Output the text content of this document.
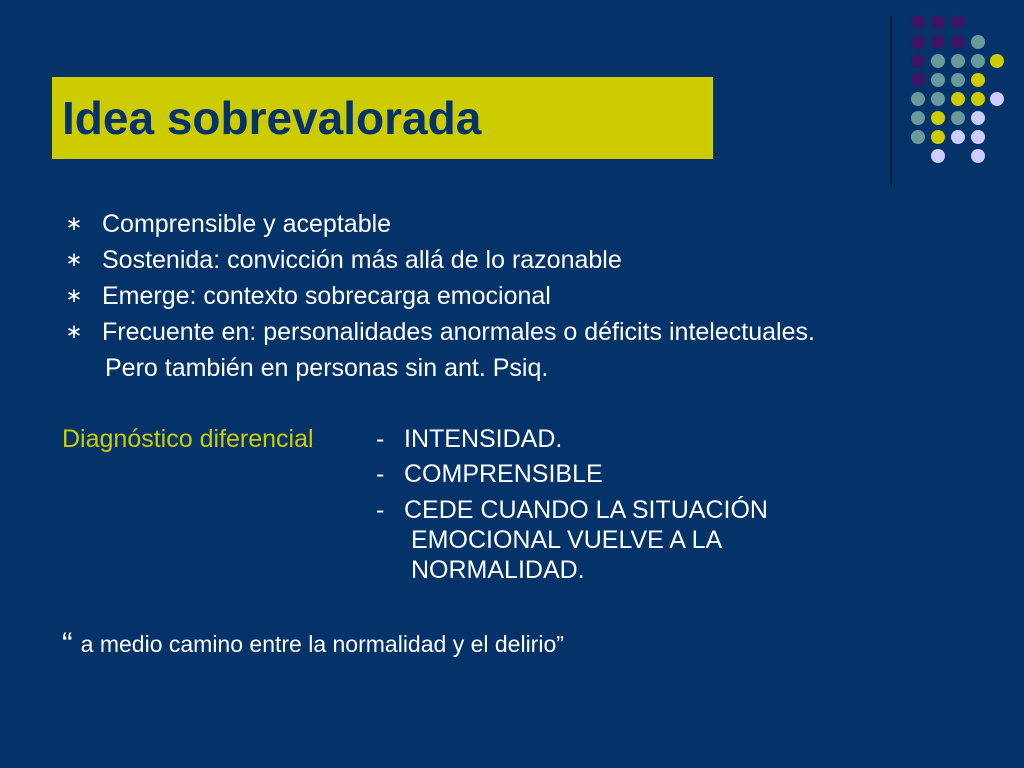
Idea sobrevalorada
∗ Comprensible y aceptable
∗ Sostenida: convicción más allá de lo razonable
∗ Emerge: contexto sobrecarga emocional
∗ Frecuente en: personalidades anormales o déficits intelectuales.
Pero también en personas sin ant. Psiq.
Diagnóstico diferencial - INTENSIDAD.
- COMPRENSIBLE
- CEDE CUANDO LA SITUACIÓN
EMOCIONAL VUELVE A LA
NORMALIDAD.
“ a medio camino entre la normalidad y el delirio”
